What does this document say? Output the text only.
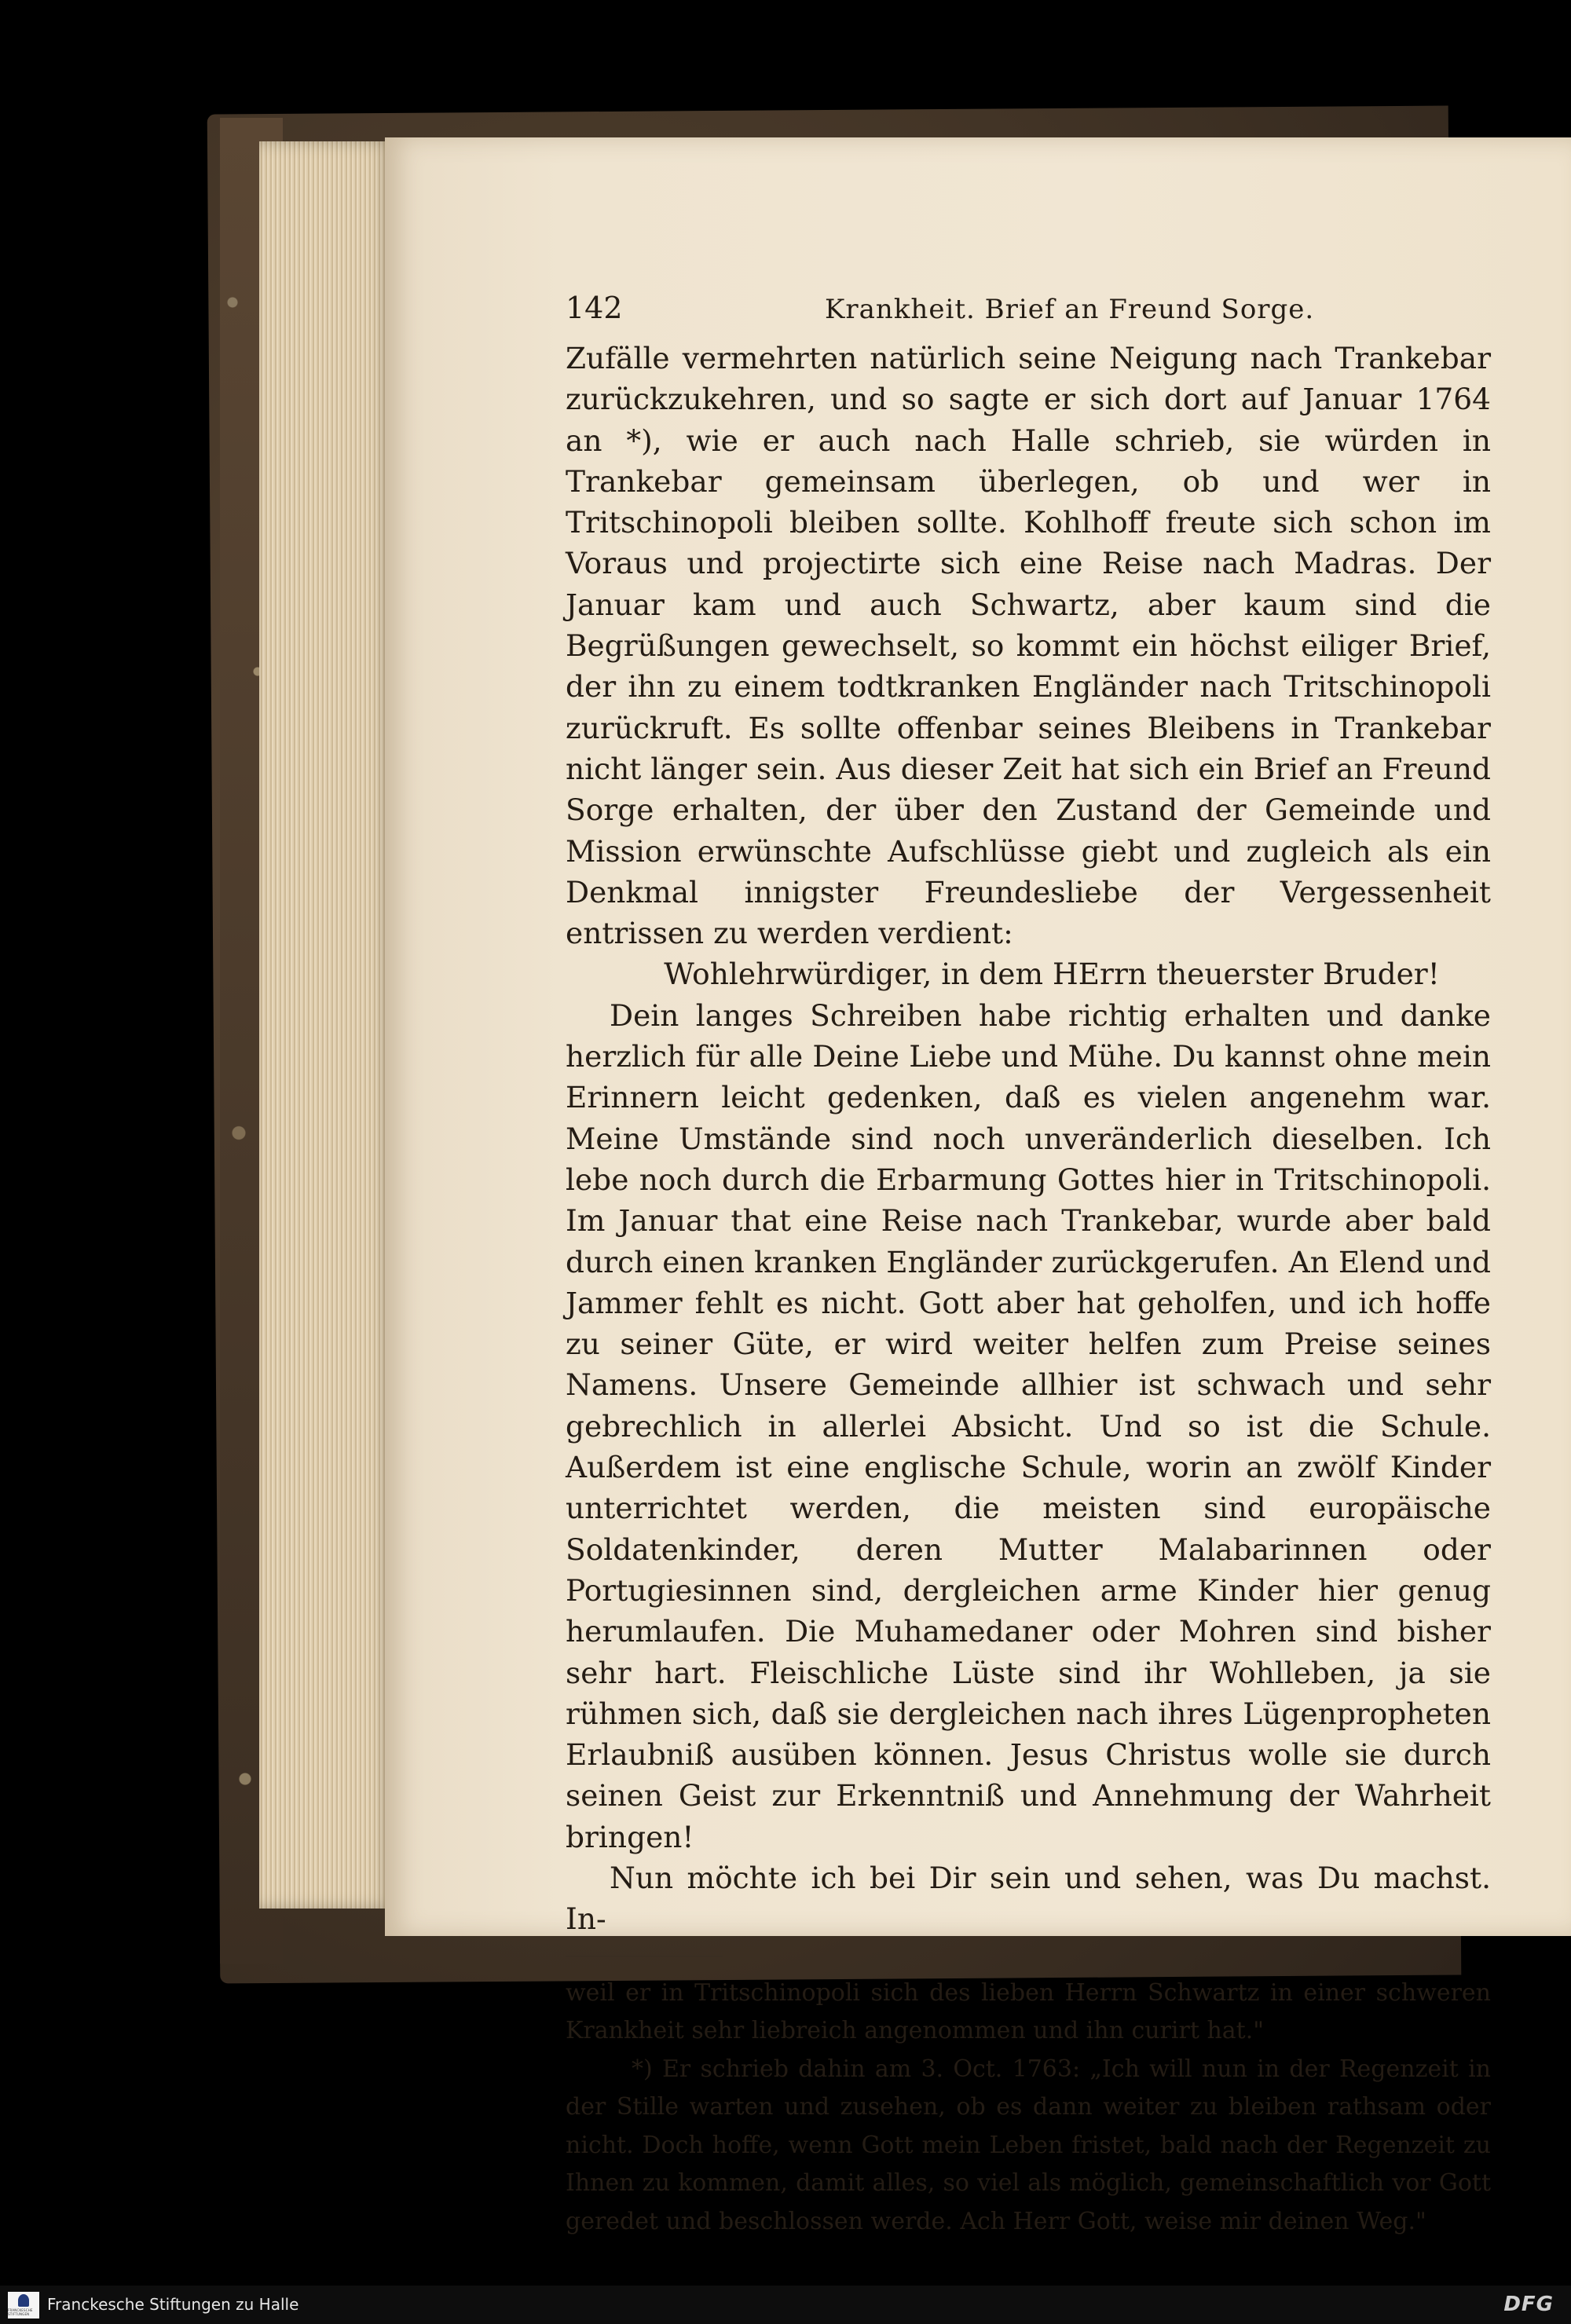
142	Krankheit. Brief an Freund Sorge.

Zufälle vermehrten natürlich seine Neigung nach Trankebar zurückzukehren, und so sagte er sich dort auf Januar 1764 an *), wie er auch nach Halle schrieb, sie würden in Trankebar gemeinsam überlegen, ob und wer in Tritschinopoli bleiben sollte. Kohlhoff freute sich schon im Voraus und projectirte sich eine Reise nach Madras. Der Januar kam und auch Schwartz, aber kaum sind die Begrüßungen gewechselt, so kommt ein höchst eiliger Brief, der ihn zu einem todtkranken Engländer nach Tritschinopoli zurückruft. Es sollte offenbar seines Bleibens in Trankebar nicht länger sein. Aus dieser Zeit hat sich ein Brief an Freund Sorge erhalten, der über den Zustand der Gemeinde und Mission erwünschte Aufschlüsse giebt und zugleich als ein Denkmal innigster Freundesliebe der Vergessenheit entrissen zu werden verdient:

Wohlehrwürdiger, in dem HErrn theuerster Bruder!

Dein langes Schreiben habe richtig erhalten und danke herzlich für alle Deine Liebe und Mühe. Du kannst ohne mein Erinnern leicht gedenken, daß es vielen angenehm war. Meine Umstände sind noch unveränderlich dieselben. Ich lebe noch durch die Erbarmung Gottes hier in Tritschinopoli. Im Januar that eine Reise nach Trankebar, wurde aber bald durch einen kranken Engländer zurückgerufen. An Elend und Jammer fehlt es nicht. Gott aber hat geholfen, und ich hoffe zu seiner Güte, er wird weiter helfen zum Preise seines Namens. Unsere Gemeinde allhier ist schwach und sehr gebrechlich in allerlei Absicht. Und so ist die Schule. Außerdem ist eine englische Schule, worin an zwölf Kinder unterrichtet werden, die meisten sind europäische Soldatenkinder, deren Mutter Malabarinnen oder Portugiesinnen sind, dergleichen arme Kinder hier genug herumlaufen. Die Muhamedaner oder Mohren sind bisher sehr hart. Fleischliche Lüste sind ihr Wohlleben, ja sie rühmen sich, daß sie dergleichen nach ihres Lügenpropheten Erlaubniß ausüben können. Jesus Christus wolle sie durch seinen Geist zur Erkenntniß und Annehmung der Wahrheit bringen!

Nun möchte ich bei Dir sein und sehen, was Du machst. In-

weil er in Tritschinopoli sich des lieben Herrn Schwartz in einer schweren Krankheit sehr liebreich angenommen und ihn curirt hat."

*) Er schrieb dahin am 3. Oct. 1763: „Ich will nun in der Regenzeit in der Stille warten und zusehen, ob es dann weiter zu bleiben rathsam oder nicht. Doch hoffe, wenn Gott mein Leben fristet, bald nach der Regenzeit zu Ihnen zu kommen, damit alles, so viel als möglich, gemeinschaftlich vor Gott geredet und beschlossen werde. Ach Herr Gott, weise mir deinen Weg."

FRANCKESCHE STIFTUNGEN
Franckesche Stiftungen zu Halle	DFG
